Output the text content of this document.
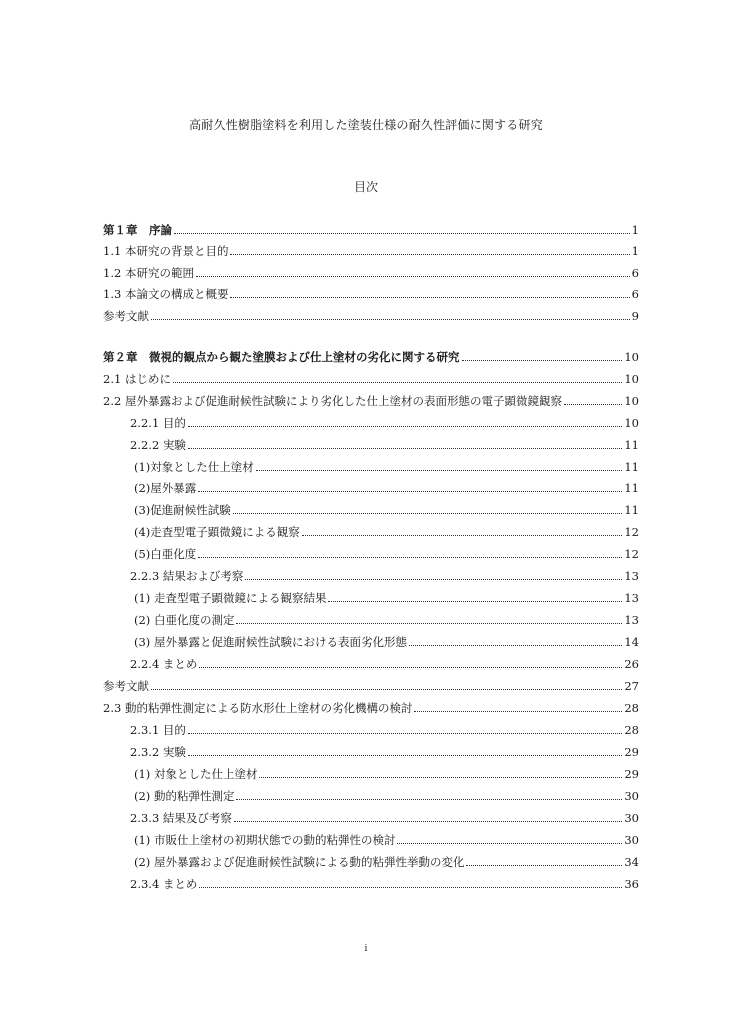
高耐久性樹脂塗料を利用した塗装仕様の耐久性評価に関する研究
目次
第１章　序論	1
1.1 本研究の背景と目的	1
1.2 本研究の範囲	6
1.3 本論文の構成と概要	6
参考文献	9
第２章　微視的観点から観た塗膜および仕上塗材の劣化に関する研究	10
2.1 はじめに	10
2.2 屋外暴露および促進耐候性試験により劣化した仕上塗材の表面形態の電子顕微鏡観察	10
2.2.1 目的	10
2.2.2 実験	11
(1)対象とした仕上塗材	11
(2)屋外暴露	11
(3)促進耐候性試験	11
(4)走査型電子顕微鏡による観察	12
(5)白亜化度	12
2.2.3 結果および考察	13
(1) 走査型電子顕微鏡による観察結果	13
(2) 白亜化度の測定	13
(3) 屋外暴露と促進耐候性試験における表面劣化形態	14
2.2.4 まとめ	26
参考文献	27
2.3 動的粘弾性測定による防水形仕上塗材の劣化機構の検討	28
2.3.1 目的	28
2.3.2 実験	29
(1) 対象とした仕上塗材	29
(2) 動的粘弾性測定	30
2.3.3 結果及び考察	30
(1) 市販仕上塗材の初期状態での動的粘弾性の検討	30
(2) 屋外暴露および促進耐候性試験による動的粘弾性挙動の変化	34
2.3.4 まとめ	36
i
